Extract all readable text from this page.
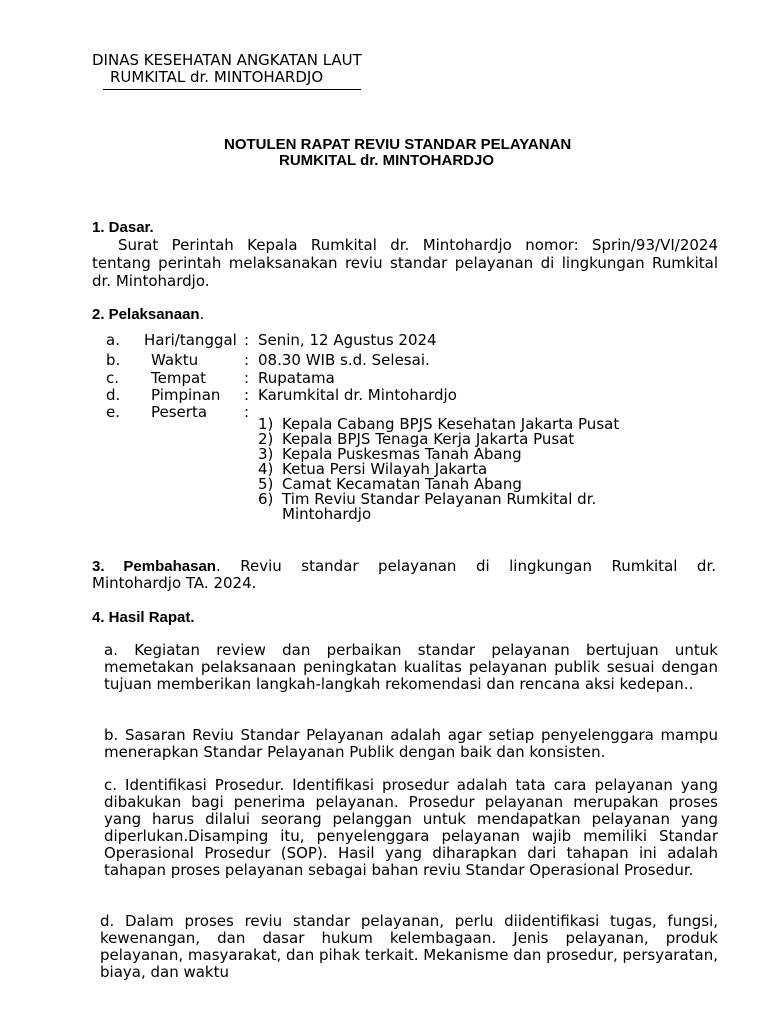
DINAS KESEHATAN ANGKATAN LAUT
RUMKITAL dr. MINTOHARDJO
NOTULEN RAPAT REVIU STANDAR PELAYANAN
RUMKITAL dr. MINTOHARDJO
1. Dasar.
Surat Perintah Kepala Rumkital dr. Mintohardjo nomor: Sprin/93/VI/2024
tentang perintah melaksanakan reviu standar pelayanan di lingkungan Rumkital
dr. Mintohardjo.
2. Pelaksanaan.
a. Hari/tanggal : Senin, 12 Agustus 2024
b. Waktu	: 08.30 WIB s.d. Selesai.
c. Tempat	: Rupatama
d. Pimpinan : Karumkital dr. Mintohardjo
e. Peserta :
1) Kepala Cabang BPJS Kesehatan Jakarta Pusat
2) Kepala BPJS Tenaga Kerja Jakarta Pusat
3) Kepala Puskesmas Tanah Abang
4) Ketua Persi Wilayah Jakarta
5) Camat Kecamatan Tanah Abang
6) Tim Reviu Standar Pelayanan Rumkital dr. Mintohardjo
3. Pembahasan. Reviu standar pelayanan di lingkungan Rumkital dr.
Mintohardjo TA. 2024.
4. Hasil Rapat.
a. Kegiatan review dan perbaikan standar pelayanan bertujuan untuk memetakan pelaksanaan peningkatan kualitas pelayanan publik sesuai dengan tujuan memberikan langkah-langkah rekomendasi dan rencana aksi kedepan..
b. Sasaran Reviu Standar Pelayanan adalah agar setiap penyelenggara mampu menerapkan Standar Pelayanan Publik dengan baik dan konsisten.
c. Identifikasi Prosedur. Identifikasi prosedur adalah tata cara pelayanan yang dibakukan bagi penerima pelayanan. Prosedur pelayanan merupakan proses yang harus dilalui seorang pelanggan untuk mendapatkan pelayanan yang diperlukan.Disamping itu, penyelenggara pelayanan wajib memiliki Standar Operasional Prosedur (SOP). Hasil yang diharapkan dari tahapan ini adalah tahapan proses pelayanan sebagai bahan reviu Standar Operasional Prosedur.
d. Dalam proses reviu standar pelayanan, perlu diidentifikasi tugas, fungsi, kewenangan, dan dasar hukum kelembagaan. Jenis pelayanan, produk pelayanan, masyarakat, dan pihak terkait. Mekanisme dan prosedur, persyaratan, biaya, dan waktu
